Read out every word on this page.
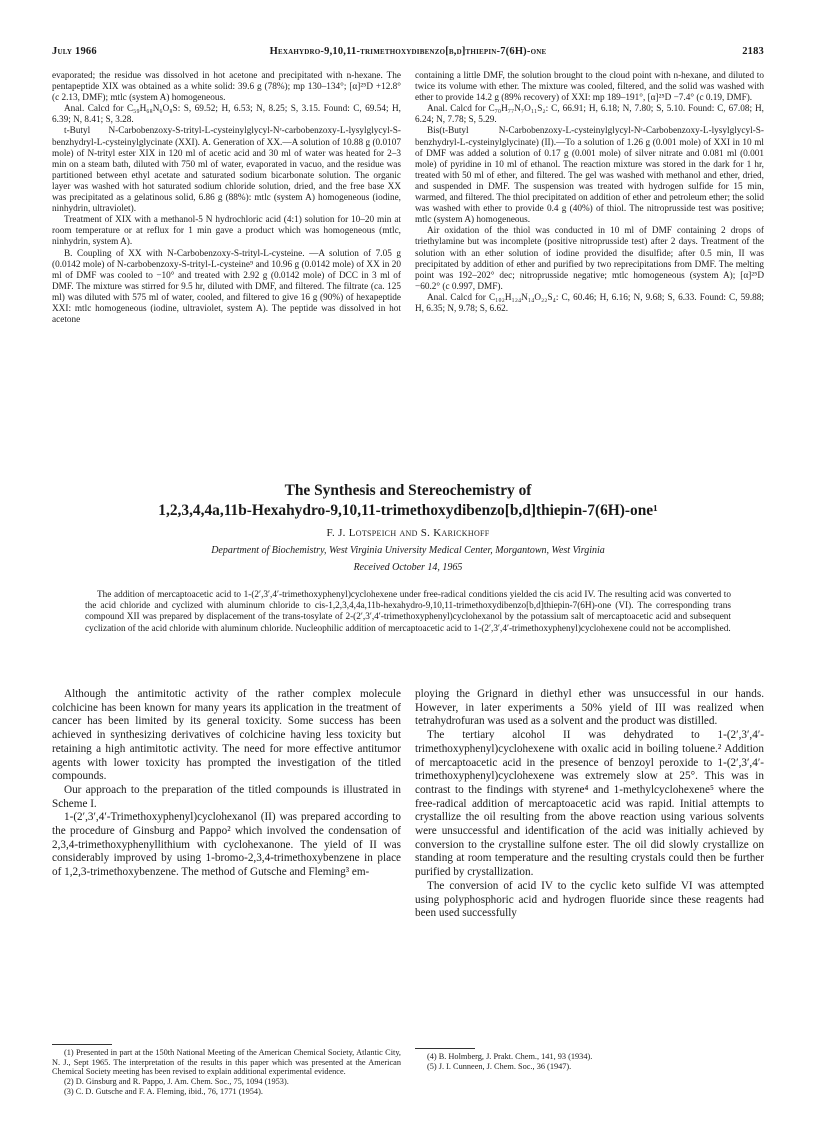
July 1966	Hexahydro-9,10,11-trimethoxydibenzo[b,d]thiepin-7(6H)-one	2183

evaporated; the residue was dissolved in hot acetone and precipitated with n-hexane. The pentapeptide XIX was obtained as a white solid: 39.6 g (78%); mp 130–134°; [α]²⁵D +12.8° (c 2.13, DMF); mtlc (system A) homogeneous.

Anal. Calcd for C₅₉H₆₈N₆O₈S: S, 69.52; H, 6.53; N, 8.25; S, 3.15. Found: C, 69.54; H, 6.39; N, 8.41; S, 3.28.

t-Butyl N-Carbobenzoxy-S-trityl-L-cysteinylglycyl-Nᵋ-carbobenzoxy-L-lysylglycyl-S-benzhydryl-L-cysteinylglycinate (XXI). A. Generation of XX.—A solution of 10.88 g (0.0107 mole) of N-trityl ester XIX in 120 ml of acetic acid and 30 ml of water was heated for 2–3 min on a steam bath, diluted with 750 ml of water, evaporated in vacuo, and the residue was partitioned between ethyl acetate and saturated sodium bicarbonate solution. The organic layer was washed with hot saturated sodium chloride solution, dried, and the free base XX was precipitated as a gelatinous solid, 6.86 g (88%): mtlc (system A) homogeneous (iodine, ninhydrin, ultraviolet).

Treatment of XIX with a methanol-5 N hydrochloric acid (4:1) solution for 10–20 min at room temperature or at reflux for 1 min gave a product which was homogeneous (mtlc, ninhydrin, system A).

B. Coupling of XX with N-Carbobenzoxy-S-trityl-L-cysteine. —A solution of 7.05 g (0.0142 mole) of N-carbobenzoxy-S-trityl-L-cysteine⁹ and 10.96 g (0.0142 mole) of XX in 20 ml of DMF was cooled to −10° and treated with 2.92 g (0.0142 mole) of DCC in 3 ml of DMF. The mixture was stirred for 9.5 hr, diluted with DMF, and filtered. The filtrate (ca. 125 ml) was diluted with 575 ml of water, cooled, and filtered to give 16 g (90%) of hexapeptide XXI: mtlc homogeneous (iodine, ultraviolet, system A). The peptide was dissolved in hot acetone

containing a little DMF, the solution brought to the cloud point with n-hexane, and diluted to twice its volume with ether. The mixture was cooled, filtered, and the solid was washed with ether to provide 14.2 g (89% recovery) of XXI: mp 189–191°, [α]²⁵D −7.4° (c 0.19, DMF).

Anal. Calcd for C₇₀H₇₇N₇O₁₁S₂: C, 66.91; H, 6.18; N, 7.80; S, 5.10. Found: C, 67.08; H, 6.24; N, 7.78; S, 5.29.

Bis(t-Butyl N-Carbobenzoxy-L-cysteinylglycyl-Nᵋ-Carbobenzoxy-L-lysylglycyl-S-benzhydryl-L-cysteinylglycinate) (II).—To a solution of 1.26 g (0.001 mole) of XXI in 10 ml of DMF was added a solution of 0.17 g (0.001 mole) of silver nitrate and 0.081 ml (0.001 mole) of pyridine in 10 ml of ethanol. The reaction mixture was stored in the dark for 1 hr, treated with 50 ml of ether, and filtered. The gel was washed with methanol and ether, dried, and suspended in DMF. The suspension was treated with hydrogen sulfide for 15 min, warmed, and filtered. The thiol precipitated on addition of ether and petroleum ether; the solid was washed with ether to provide 0.4 g (40%) of thiol. The nitroprusside test was positive; mtlc (system A) homogeneous.

Air oxidation of the thiol was conducted in 10 ml of DMF containing 2 drops of triethylamine but was incomplete (positive nitroprusside test) after 2 days. Treatment of the solution with an ether solution of iodine provided the disulfide; after 0.5 min, II was precipitated by addition of ether and purified by two reprecipitations from DMF. The melting point was 192–202° dec; nitroprusside negative; mtlc homogeneous (system A); [α]²⁵D −60.2° (c 0.997, DMF).

Anal. Calcd for C₁₀₂H₁₂₄N₁₄O₂₂S₄: C, 60.46; H, 6.16; N, 9.68; S, 6.33. Found: C, 59.88; H, 6.35; N, 9.78; S, 6.62.

The Synthesis and Stereochemistry of

1,2,3,4,4a,11b-Hexahydro-9,10,11-trimethoxydibenzo[b,d]thiepin-7(6H)-one¹

F. J. Lotspeich and S. Karickhoff
Department of Biochemistry, West Virginia University Medical Center, Morgantown, West Virginia
Received October 14, 1965
The addition of mercaptoacetic acid to 1-(2′,3′,4′-trimethoxyphenyl)cyclohexene under free-radical conditions yielded the cis acid IV. The resulting acid was converted to the acid chloride and cyclized with aluminum chloride to cis-1,2,3,4,4a,11b-hexahydro-9,10,11-trimethoxydibenzo[b,d]thiepin-7(6H)-one (VI). The corresponding trans compound XII was prepared by displacement of the trans-tosylate of 2-(2′,3′,4′-trimethoxyphenyl)cyclohexanol by the potassium salt of mercaptoacetic acid and subsequent cyclization of the acid chloride with aluminum chloride. Nucleophilic addition of mercaptoacetic acid to 1-(2′,3′,4′-trimethoxyphenyl)cyclohexene could not be accomplished.

Although the antimitotic activity of the rather complex molecule colchicine has been known for many years its application in the treatment of cancer has been limited by its general toxicity. Some success has been achieved in synthesizing derivatives of colchicine having less toxicity but retaining a high antimitotic activity. The need for more effective antitumor agents with lower toxicity has prompted the investigation of the titled compounds.

Our approach to the preparation of the titled compounds is illustrated in Scheme I.

1-(2′,3′,4′-Trimethoxyphenyl)cyclohexanol (II) was prepared according to the procedure of Ginsburg and Pappo² which involved the condensation of 2,3,4-trimethoxyphenyllithium with cyclohexanone. The yield of II was considerably improved by using 1-bromo-2,3,4-trimethoxybenzene in place of 1,2,3-trimethoxybenzene. The method of Gutsche and Fleming³ em-

ploying the Grignard in diethyl ether was unsuccessful in our hands. However, in later experiments a 50% yield of III was realized when tetrahydrofuran was used as a solvent and the product was distilled.

The tertiary alcohol II was dehydrated to 1-(2′,3′,4′-trimethoxyphenyl)cyclohexene with oxalic acid in boiling toluene.² Addition of mercaptoacetic acid in the presence of benzoyl peroxide to 1-(2′,3′,4′-trimethoxyphenyl)cyclohexene was extremely slow at 25°. This was in contrast to the findings with styrene⁴ and 1-methylcyclohexene⁵ where the free-radical addition of mercaptoacetic acid was rapid. Initial attempts to crystallize the oil resulting from the above reaction using various solvents were unsuccessful and identification of the acid was initially achieved by conversion to the crystalline sulfone ester. The oil did slowly crystallize on standing at room temperature and the resulting crystals could then be further purified by crystallization.

The conversion of acid IV to the cyclic keto sulfide VI was attempted using polyphosphoric acid and hydrogen fluoride since these reagents had been used successfully

(1) Presented in part at the 150th National Meeting of the American Chemical Society, Atlantic City, N. J., Sept 1965. The interpretation of the results in this paper which was presented at the American Chemical Society meeting has been revised to explain additional experimental evidence.

(2) D. Ginsburg and R. Pappo, J. Am. Chem. Soc., 75, 1094 (1953).

(3) C. D. Gutsche and F. A. Fleming, ibid., 76, 1771 (1954).

(4) B. Holmberg, J. Prakt. Chem., 141, 93 (1934).

(5) J. I. Cunneen, J. Chem. Soc., 36 (1947).
